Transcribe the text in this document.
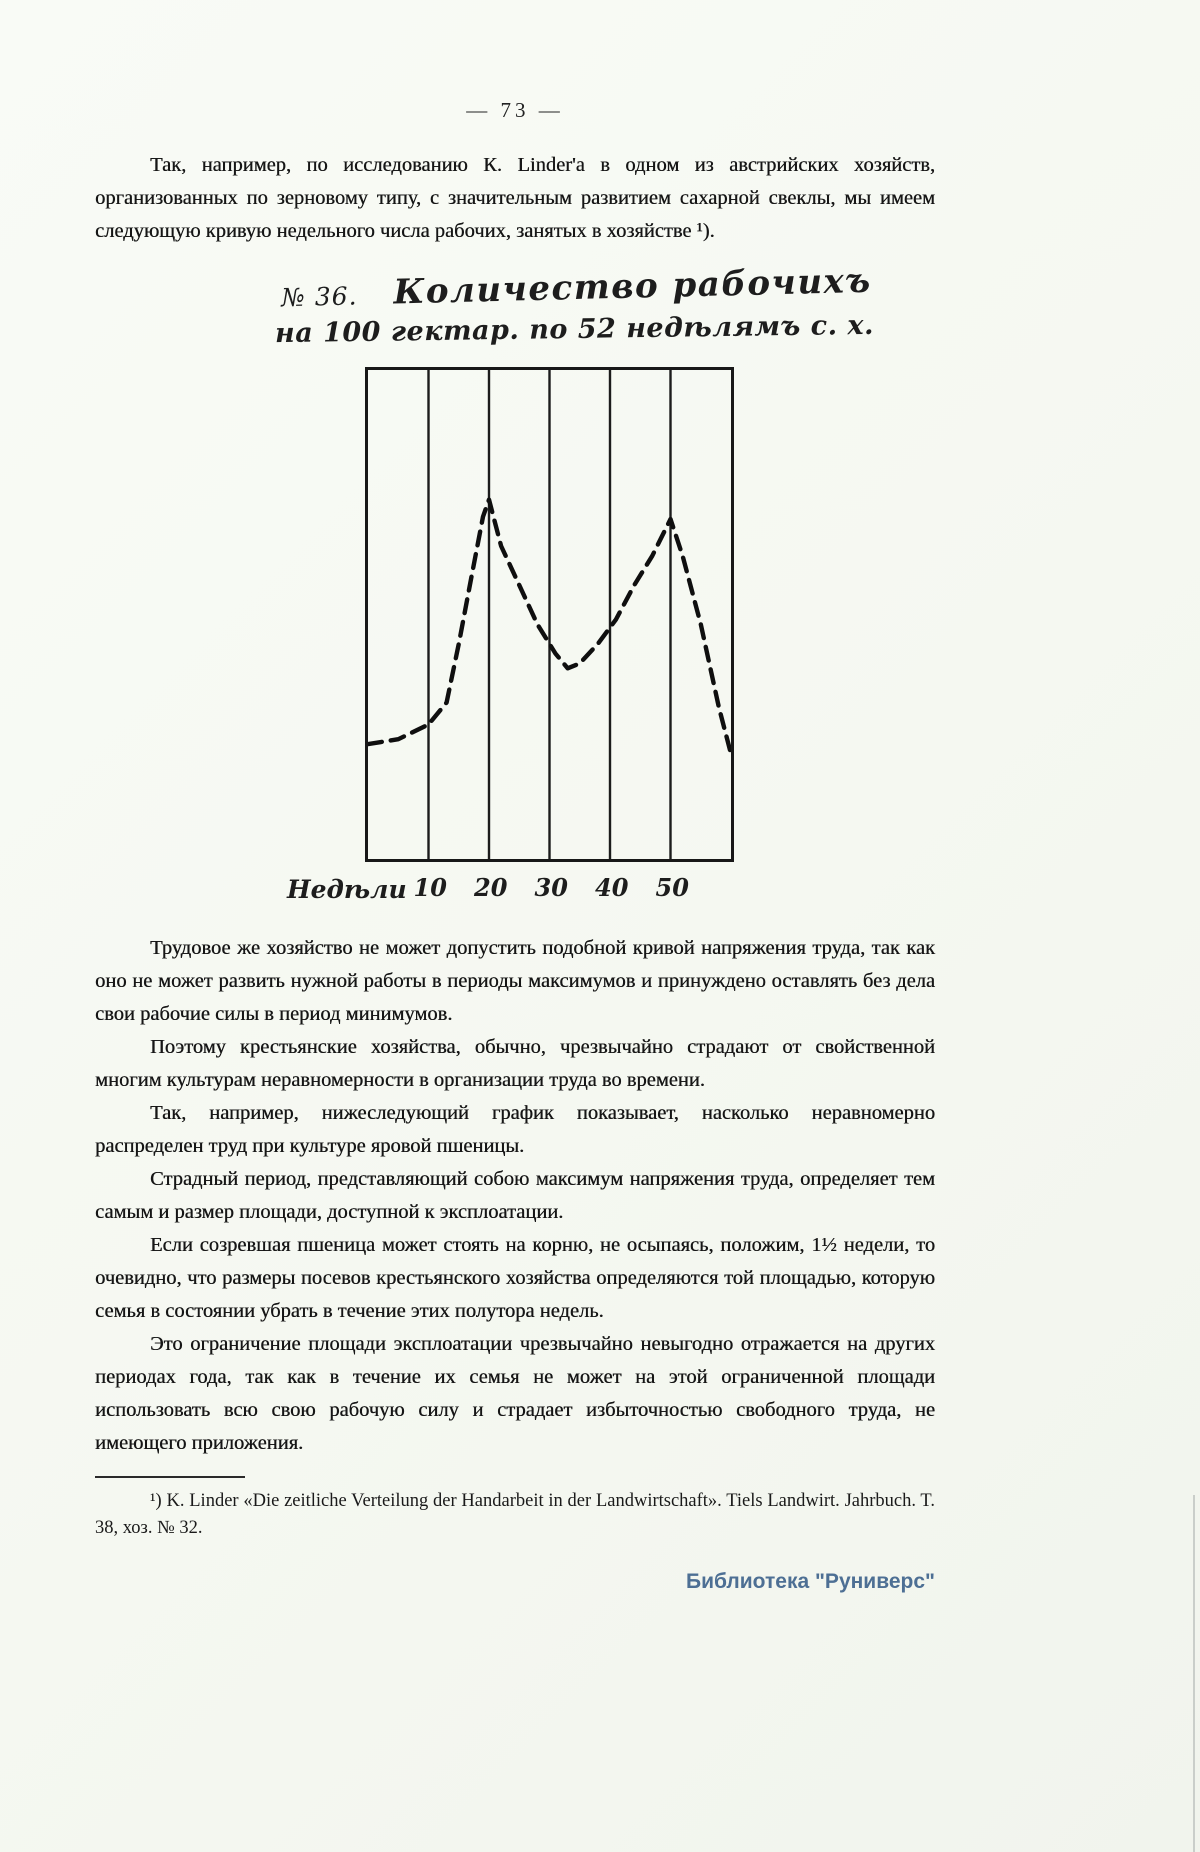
— 73 —

Так, например, по исследованию К. Linder'а в одном из австрийских хозяйств, организованных по зерновому типу, с значительным развитием сахарной свеклы, мы имеем следующую кривую недельного числа рабочих, занятых в хозяйстве ¹).

№ 36. Количество рабочихъ
на 100 гектар. по 52 недѣлямъ с. х.
Недѣли 10 20 30 40 50

Трудовое же хозяйство не может допустить подобной кривой напряжения труда, так как оно не может развить нужной работы в периоды максимумов и принуждено оставлять без дела свои рабочие силы в период минимумов.

Поэтому крестьянские хозяйства, обычно, чрезвычайно страдают от свойственной многим культурам неравномерности в организации труда во времени.

Так, например, нижеследующий график показывает, насколько неравномерно распределен труд при культуре яровой пшеницы.

Страдный период, представляющий собою максимум напряжения труда, определяет тем самым и размер площади, доступной к эксплоатации.

Если созревшая пшеница может стоять на корню, не осыпаясь, положим, 1½ недели, то очевидно, что размеры посевов крестьянского хозяйства определяются той площадью, которую семья в состоянии убрать в течение этих полутора недель.

Это ограничение площади эксплоатации чрезвычайно невыгодно отражается на других периодах года, так как в течение их семья не может на этой ограниченной площади использовать всю свою рабочую силу и страдает избыточностью свободного труда, не имеющего приложения.

¹) K. Linder «Die zeitliche Verteilung der Handarbeit in der Landwirtschaft». Tiels Landwirt. Jahrbuch. T. 38, хоз. № 32.

Библиотека "Руниверс"
